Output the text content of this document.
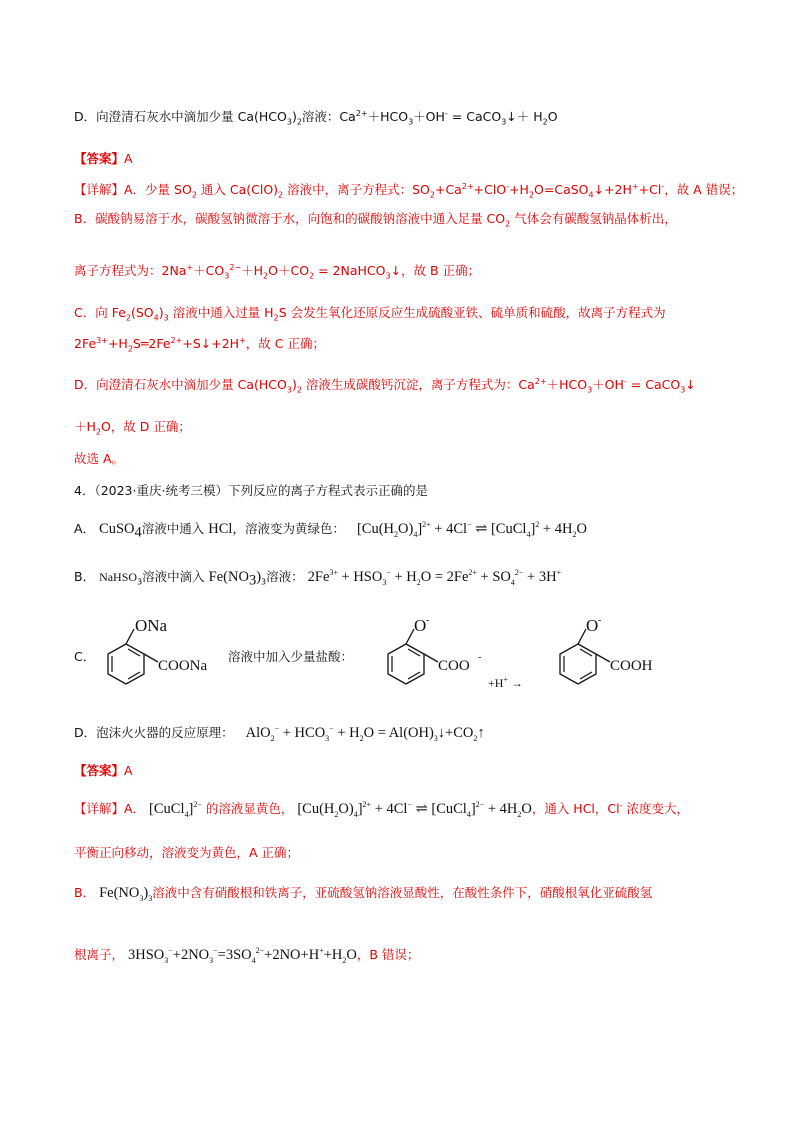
D．向澄清石灰水中滴加少量 $Ca(HCO_3)_2$溶液：$Ca^{2+}+HCO_3+OH^-$ = CaCO$_3$↓＋ $H_2O$
【答案】A
【详解】A．少量 $SO_2$ 通入 $Ca(ClO)_2$ 溶液中，离子方程式：$SO_2+Ca^{2+}+ClO^-+H_2O=CaSO_4↓+2H^++Cl^-$，故 A 错误；
B．碳酸钠易溶于水，碳酸氢钠微溶于水，向饱和的碳酸钠溶液中通入足量 $CO_2$ 气体会有碳酸氢钠晶体析出，
离子方程式为：$2Na^++CO_3^{2-}+H_2O+CO_2$ = 2NaHCO$_3$↓，故 B 正确；
C．向 $Fe_2(SO_4)_3$ 溶液中通入过量 $H_2S$ 会发生氧化还原反应生成硫酸亚铁、硫单质和硫酸，故离子方程式为
$2Fe^{3+}+H_2S═2Fe^{2+}+S↓+2H^+$，故 C 正确；
D．向澄清石灰水中滴加少量 $Ca(HCO_3)_2$ 溶液生成碳酸钙沉淀，离子方程式为：$Ca^{2+}+HCO_3+OH^-$ = CaCO$_3$↓
$+H_2O$，故 D 正确；
故选 A。
4．（2023·重庆·统考三模）下列反应的离子方程式表示正确的是
A． CuSO$_4$溶液中通入 HCl，溶液变为黄绿色： $[Cu(H_2O)_4]^{2+} + 4Cl^-$ ⇌ [CuCl$_4$]$^2$ + $4H_2O$
B． NaHSO$_3$溶液中滴入 $Fe(NO_3)_3$溶液： $2Fe^{3+} + HSO_3^- + H_2O = 2Fe^{2+} + SO_4^{2-} + 3H^+$
C．
ONa
COONa
溶液中加入少量盐酸：
O -
COO
-
+H+ →
O -
COOH
D．泡沫火火器的反应原理： $AlO_2^- + HCO_3^- + H_2O$ = $Al(OH)_3↓+CO_2↑$
【答案】A
【详解】A． [CuCl$_4$]$^{2-}$ 的溶液显黄色， $[Cu(H_2O)_4]^{2+} + 4Cl^-$ ⇌ [CuCl$_4$]$^{2-}$ + $4H_2O$，通入 HCl，Cl- 浓度变大，
平衡正向移动，溶液变为黄色，A 正确；
B． $Fe(NO_3)_3$溶液中含有硝酸根和铁离子，亚硫酸氢钠溶液显酸性，在酸性条件下，硝酸根氧化亚硫酸氢
根离子， $3HSO_3^-+2NO_3^-=3SO_4^{2-}+2NO+H^++H_2O$，B 错误；
